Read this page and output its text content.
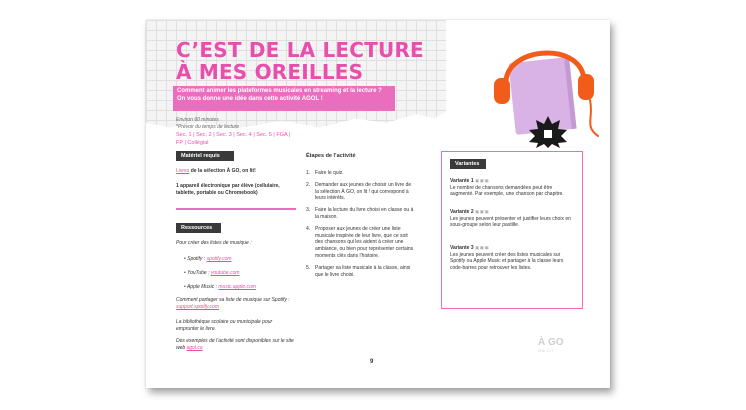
C’EST DE LA LECTURE
À MES OREILLES
Comment animer les plateformes musicales en streaming et la lecture ? On vous donne une idée dans cette activité AGOL !
Environ 60 minutes
*Prévoir du temps de lecture
Sec. 1 | Sec. 2 | Sec. 3 | Sec. 4 | Sec. 5 | FGA | FP | Collégial
Matériel requis
Livres de la sélection À GO, on lit!
1 appareil électronique par élève (cellulaire, tablette, portable ou Chromebook)
Ressources
Pour créer des listes de musique :
• Spotify : spotify.com
• YouTube : youtube.com
• Apple Music : music.apple.com
Comment partager sa liste de musique sur Spotify : support.spotify.com
La bibliothèque scolaire ou municipale pour emprunter le livre.
Des exemples de l’activité sont disponibles sur le site web agol.ca
Étapes de l’activité
1. Faire le quiz.
2. Demander aux jeunes de choisir un livre de la sélection À GO, on lit ! qui correspond à leurs intérêts.
3. Faire la lecture du livre choisi en classe ou à la maison.
4. Proposer aux jeunes de créer une liste musicale inspirée de leur livre, que ce soit des chansons qui les aident à créer une ambiance, ou bien pour représenter certains moments clés dans l’histoire.
5. Partager sa liste musicale à la classe, ainsi que le livre choisi.
Variantes
Variante 1 ▣▣▣
Le nombre de chansons demandées peut être augmenté. Par exemple, une chanson par chapitre.
Variante 2 ▣▣▣
Les jeunes peuvent présenter et justifier leurs choix en sous-groupe selon leur pastille.
Variante 3 ▣▣▣
Les jeunes peuvent créer des listes musicales sur Spotify ou Apple Music et partager à la classe leurs code-barres pour retrouver les listes.
9
À GO
ON LIT
